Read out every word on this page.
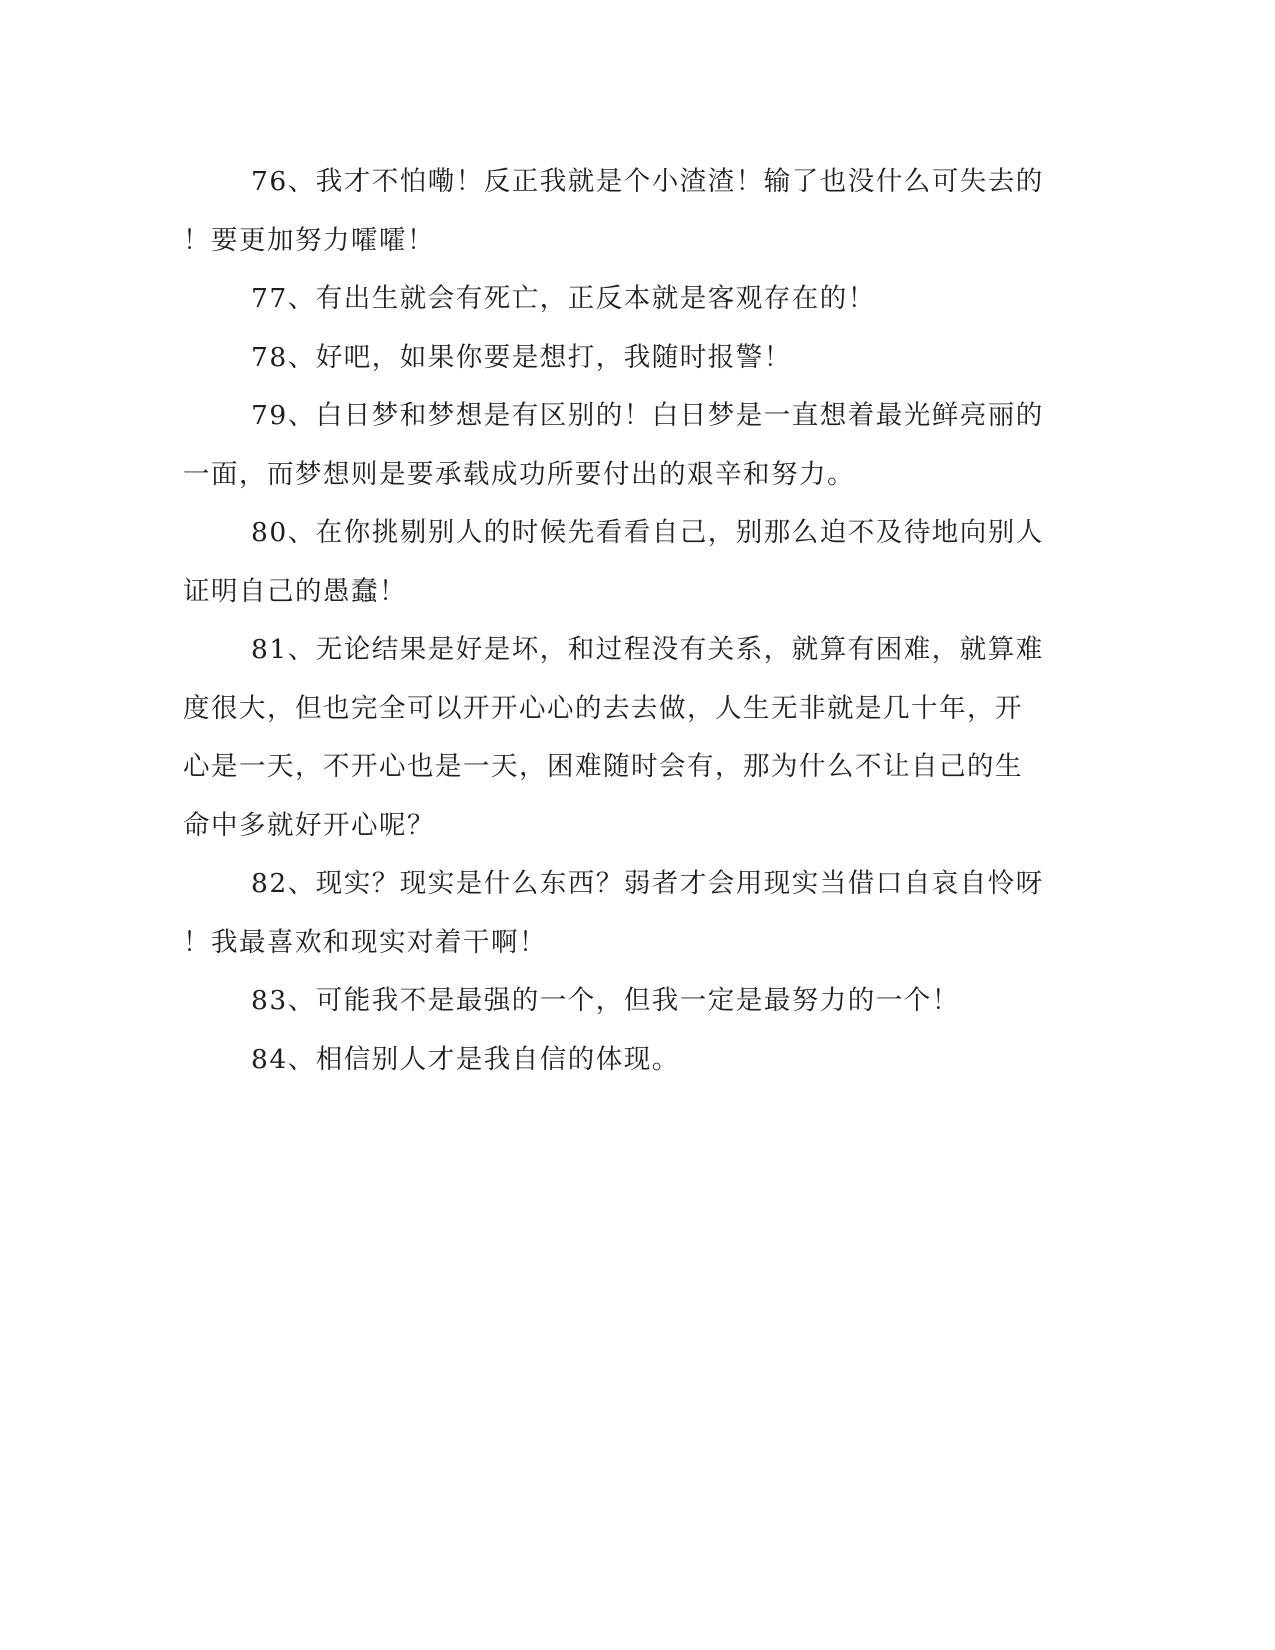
76、我才不怕嘞！反正我就是个小渣渣！输了也没什么可失去的
！要更加努力嚯嚯！

77、有出生就会有死亡，正反本就是客观存在的！

78、好吧，如果你要是想打，我随时报警！

79、白日梦和梦想是有区别的！白日梦是一直想着最光鲜亮丽的
一面，而梦想则是要承载成功所要付出的艰辛和努力。

80、在你挑剔别人的时候先看看自己，别那么迫不及待地向别人
证明自己的愚蠢！

81、无论结果是好是坏，和过程没有关系，就算有困难，就算难
度很大，但也完全可以开开心心的去去做，人生无非就是几十年，开
心是一天，不开心也是一天，困难随时会有，那为什么不让自己的生
命中多就好开心呢？

82、现实？现实是什么东西？弱者才会用现实当借口自哀自怜呀
！我最喜欢和现实对着干啊！

83、可能我不是最强的一个，但我一定是最努力的一个！

84、相信别人才是我自信的体现。
